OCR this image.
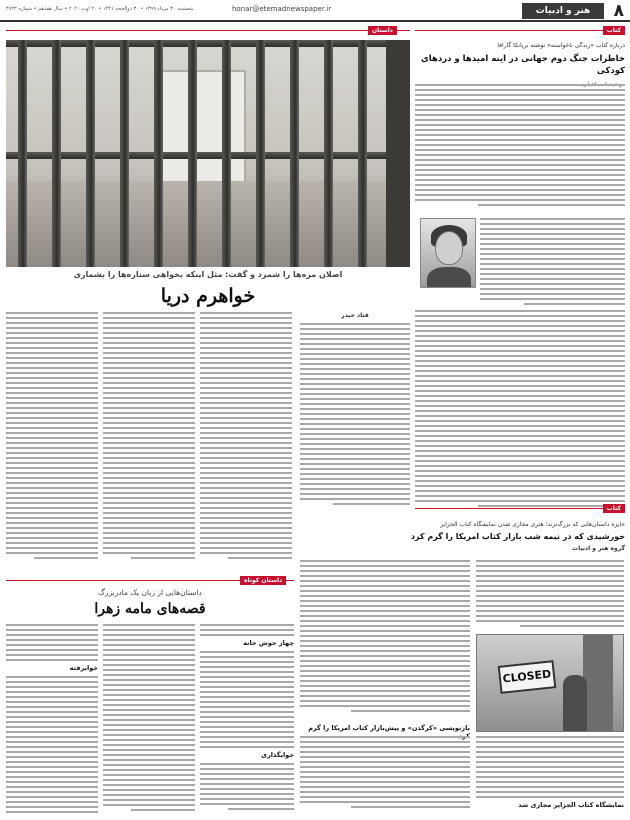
۸
هنر و ادبیات
honar@etemadnewspaper.ir
پنجشنبه ۳۰ مرداد ۱۳۹۹ • ۳۰ ذوالحجه ۱۴۴۱ • ۲۰ اوت ۲۰۲۰ • سال هفدهم • شماره ۴۷۲۳
کتاب
داستان
اصلان مزه‌ها را شمرد و گفت: مثل اینکه بخواهی ستاره‌ها را بشماری
خواهرم دریا
درباره کتاب «زندگی ناخواسته» نوشته بریانکا گارافا
خاطرات جنگ دوم جهانی در اینه امیدها و دردهای کودکی
کتاب
جایزه داستان‌هایی که بزرگ‌ترند؛ هنری مجازی شدن نمایشگاه کتاب الجزایر
خورشیدی که در نیمه شب بازار کتاب امریکا را گرم کرد
گروه هنر و ادبیات
CLOSED
بازنویسی «کرگدن» و پیش‌بازار کتاب امریکا را گرم
نمایشگاه کتاب الجزایر مجازی شد
فتاد حیدر
داستان کوتاه
داستان‌هایی از زبان یک مادربزرگ
قصه‌های مامه زهرا
خوابرفته
چهار حوش خانه
خوابگذاری
